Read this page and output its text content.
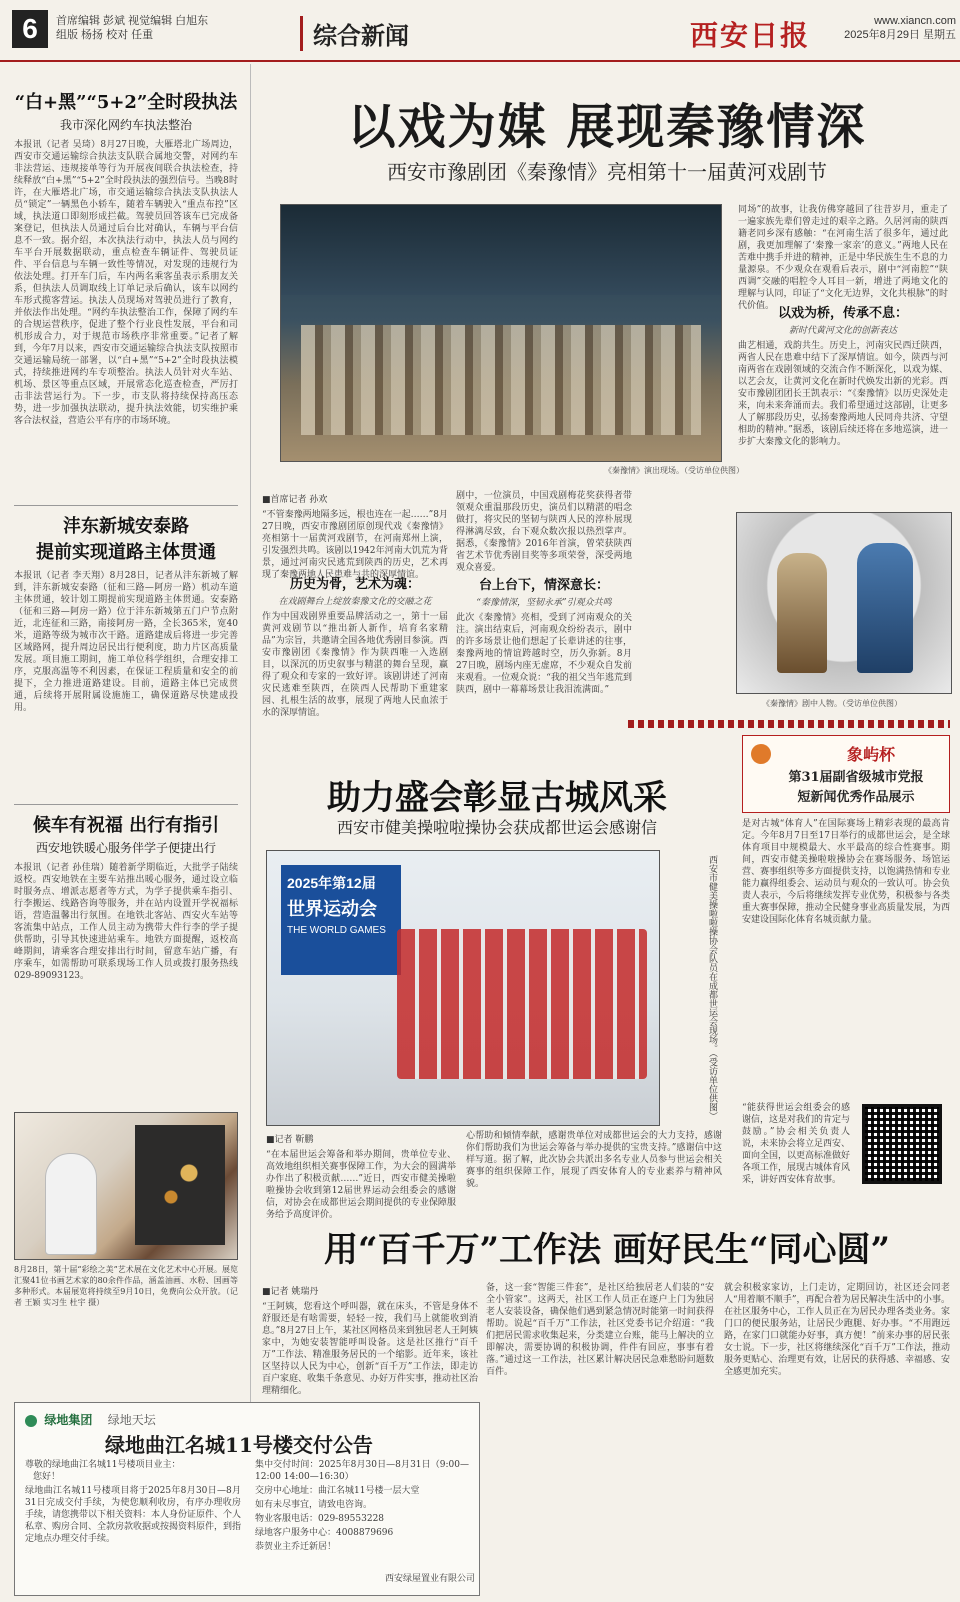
6	首席编辑 彭斌 视觉编辑 白旭东
组版 杨扬 校对 任重	综合新闻	西安日报	www.xiancn.com
2025年8月29日 星期五
“白+黑”“5+2”全时段执法
我市深化网约车执法整治
本报讯（记者 吴琦）8月27日晚，大雁塔北广场周边，西安市交通运输综合执法支队联合属地交警，对网约车非法营运、违规接单等行为开展夜间联合执法检查，持续释放“白+黑”“5+2”全时段执法的强烈信号。当晚8时许，在大雁塔北广场，市交通运输综合执法支队执法人员“锁定”一辆黑色小轿车，随着车辆驶入“重点布控”区域，执法道口即刻形成拦截。驾驶员回答该车已完成备案登记，但执法人员通过后台比对确认，车辆与平台信息不一致。据介绍，本次执法行动中，执法人员与网约车平台开展数据联动，重点检查车辆证件、驾驶员证件、平台信息与车辆一致性等情况，对发现的违规行为依法处理。打开车门后，车内两名乘客虽表示系朋友关系，但执法人员调取线上订单记录后确认，该车以网约车形式揽客营运。执法人员现场对驾驶员进行了教育，并依法作出处理。“网约车执法整治工作，保障了网约车的合规运营秩序，促进了整个行业良性发展，平台和司机形成合力，对于规范市场秩序非常重要。”记者了解到，今年7月以来，西安市交通运输综合执法支队按照市交通运输局统一部署，以“白+黑”“5+2”全时段执法模式，持续推进网约车专项整治。执法人员针对火车站、机场、景区等重点区域，开展常态化巡查检查，严厉打击非法营运行为。下一步，市支队将持续保持高压态势，进一步加强执法联动，提升执法效能，切实维护乘客合法权益，营造公平有序的市场环境。
沣东新城安泰路
提前实现道路主体贯通
本报讯（记者 李天翔）8月28日，记者从沣东新城了解到，沣东新城安泰路（征和三路—阿房一路）机动车道主体贯通，较计划工期提前实现道路主体贯通。安泰路（征和三路—阿房一路）位于沣东新城第五门户节点附近，北连征和三路，南接阿房一路，全长365米，宽40米，道路等级为城市次干路。道路建成后将进一步完善区域路网，提升周边居民出行便利度，助力片区高质量发展。项目施工期间，施工单位科学组织，合理安排工序，克服高温等不利因素，在保证工程质量和安全的前提下，全力推进道路建设。目前，道路主体已完成贯通，后续将开展附属设施施工，确保道路尽快建成投用。
候车有祝福 出行有指引
西安地铁暖心服务伴学子便捷出行
本报讯（记者 孙佳瑞）随着新学期临近，大批学子陆续返校。西安地铁在主要车站推出暖心服务，通过设立临时服务点、增派志愿者等方式，为学子提供乘车指引、行李搬运、线路咨询等服务，并在站内设置开学祝福标语，营造温馨出行氛围。在地铁北客站、西安火车站等客流集中站点，工作人员主动为携带大件行李的学子提供帮助，引导其快速进站乘车。地铁方面提醒，返校高峰期间，请乘客合理安排出行时间，留意车站广播，有序乘车，如需帮助可联系现场工作人员或拨打服务热线029-89093123。
8月28日，第十届“彩绘之美”艺术展在文化艺术中心开展。展览汇聚41位书画艺术家的80余件作品，涵盖油画、水粉、国画等多种形式。本届展览将持续至9月10日，免费向公众开放。（记者 王颖 实习生 杜宇 摄）
以戏为媒 展现秦豫情深
西安市豫剧团《秦豫情》亮相第十一届黄河戏剧节
《秦豫情》演出现场。（受访单位供图）
■首席记者 孙欢
“不管秦豫两地隔多远，根也连在一起……”8月27日晚，西安市豫剧团原创现代戏《秦豫情》亮相第十一届黄河戏剧节，在河南郑州上演，引发强烈共鸣。该剧以1942年河南大饥荒为背景，通过河南灾民逃荒到陕西的历史，艺术再现了秦豫两地人民患难与共的深厚情谊。
历史为骨，艺术为魂：
在戏剧舞台上绽放秦豫文化的交融之花
作为中国戏剧界重要品牌活动之一，第十一届黄河戏剧节以“推出新人新作，培育名家精品”为宗旨，共邀请全国各地优秀剧目参演。西安市豫剧团《秦豫情》作为陕西唯一入选剧目，以深沉的历史叙事与精湛的舞台呈现，赢得了观众和专家的一致好评。该剧讲述了河南灾民逃难至陕西，在陕西人民帮助下重建家园、扎根生活的故事，展现了两地人民血浓于水的深厚情谊。
剧中，一位演员，中国戏剧梅花奖获得者带领观众重温那段历史，演员们以精湛的唱念做打，将灾民的坚韧与陕西人民的淳朴展现得淋漓尽致，台下观众数次报以热烈掌声。据悉，《秦豫情》2016年首演，曾荣获陕西省艺术节优秀剧目奖等多项荣誉，深受两地观众喜爱。
台上台下，情深意长：
“秦豫情深，坚韧永承”引观众共鸣
此次《秦豫情》亮相，受到了河南观众的关注。演出结束后，河南观众纷纷表示，剧中的许多场景让他们想起了长辈讲述的往事，秦豫两地的情谊跨越时空，历久弥新。8月27日晚，剧场内座无虚席，不少观众自发前来观看。一位观众说：“我的祖父当年逃荒到陕西，剧中一幕幕场景让我泪流满面。”
同场”的故事，让我仿佛穿越回了往昔岁月，重走了一遍家族先辈们曾走过的艰辛之路。久居河南的陕西籍老同乡深有感触：“在河南生活了很多年，通过此剧，我更加理解了‘秦豫一家亲’的意义。”两地人民在苦难中携手并进的精神，正是中华民族生生不息的力量源泉。不少观众在观看后表示，剧中“河南腔”“陕西调”交融的唱腔令人耳目一新，增进了两地文化的理解与认同，印证了“文化无边界，文化共根脉”的时代价值。 以戏为桥，传承不息：
新时代黄河文化的创新表达
曲艺相通，戏韵共生。历史上，河南灾民西迁陕西，两省人民在患难中结下了深厚情谊。如今，陕西与河南两省在戏剧领域的交流合作不断深化，以戏为媒、以艺会友，让黄河文化在新时代焕发出新的光彩。西安市豫剧团团长王凯表示：“《秦豫情》以历史深处走来，向未来奔涌而去。我们希望通过这部剧，让更多人了解那段历史，弘扬秦豫两地人民同舟共济、守望相助的精神。”据悉，该剧后续还将在多地巡演，进一步扩大秦豫文化的影响力。
《秦豫情》剧中人物。（受访单位供图）
象屿杯
第31届副省级城市党报
短新闻优秀作品展示
助力盛会彰显古城风采
西安市健美操啦啦操协会获成都世运会感谢信
2025年第12届
世界运动会
THE WORLD GAMES	西安市健美操啦啦操协会队员在成都世运会现场。（受访单位供图）
■记者 靳鹏
“在本届世运会筹备和举办期间，贵单位专业、高效地组织相关赛事保障工作，为大会的圆满举办作出了积极贡献……”近日，西安市健美操啦啦操协会收到第12届世界运动会组委会的感谢信，对协会在成都世运会期间提供的专业保障服务给予高度评价。
心帮助和倾情奉献，感谢贵单位对成都世运会的大力支持，感谢你们帮助我们为世运会筹备与举办提供的宝贵支持。”感谢信中这样写道。据了解，此次协会共派出多名专业人员参与世运会相关赛事的组织保障工作，展现了西安体育人的专业素养与精神风貌。
是对古城“体育人”在国际赛场上精彩表现的最高肯定。今年8月7日至17日举行的成都世运会，是全球体育项目中规模最大、水平最高的综合性赛事。期间，西安市健美操啦啦操协会在赛场服务、场馆运营、赛事组织等多方面提供支持，以饱满热情和专业能力赢得组委会、运动员与观众的一致认可。协会负责人表示，今后将继续发挥专业优势，积极参与各类重大赛事保障，推动全民健身事业高质量发展，为西安建设国际化体育名城贡献力量。
“能获得世运会组委会的感谢信，这是对我们的肯定与鼓励。”协会相关负责人说，未来协会将立足西安、面向全国，以更高标准做好各项工作，展现古城体育风采，讲好西安体育故事。
用“百千万”工作法 画好民生“同心圆”
■记者 姚瑞丹
“王阿姨，您看这个呼叫器，就在床头，不管是身体不舒服还是有啥需要，轻轻一按，我们马上就能收到消息。”8月27日上午，某社区网格员来到独居老人王阿姨家中，为她安装智能呼叫设备。这是社区推行“百千万”工作法、精准服务居民的一个缩影。近年来，该社区坚持以人民为中心，创新“百千万”工作法，即走访百户家庭、收集千条意见、办好万件实事，推动社区治理精细化。
备，这一套“智能三件套”，是社区给独居老人们装的“安全小管家”。这两天，社区工作人员正在逐户上门为独居老人安装设备，确保他们遇到紧急情况时能第一时间获得帮助。说起“百千万”工作法，社区党委书记介绍道：“我们把居民需求收集起来，分类建立台账，能马上解决的立即解决，需要协调的积极协调，件件有回应，事事有着落。”通过这一工作法，社区累计解决居民急难愁盼问题数百件。
就会积极家家访，上门走访，定期回访，社区还会同老人“用着顺不顺手”，再配合着为居民解决生活中的小事。在社区服务中心，工作人员正在为居民办理各类业务。家门口的便民服务站，让居民少跑腿、好办事。“不用跑远路，在家门口就能办好事，真方便！”前来办事的居民张女士说。下一步，社区将继续深化“百千万”工作法，推动服务更贴心、治理更有效，让居民的获得感、幸福感、安全感更加充实。
绿地集团 绿地天坛
绿地曲江名城11号楼交付公告
尊敬的绿地曲江名城11号楼项目业主：
您好！
绿地曲江名城11号楼项目将于2025年8月30日—8月31日完成交付手续，为使您顺利收房，有序办理收房手续，请您携带以下相关资料：本人身份证原件、个人私章、购房合同、全款房款收据或按揭资料原件，到指定地点办理交付手续。
集中交付时间：2025年8月30日—8月31日（9:00—12:00 14:00—16:30）
交房中心地址：曲江名城11号楼一层大堂
如有未尽事宜，请致电咨询。
物业客服电话：029-89553228
绿地客户服务中心：4008879696
恭贺业主乔迁新居！
西安绿屋置业有限公司
